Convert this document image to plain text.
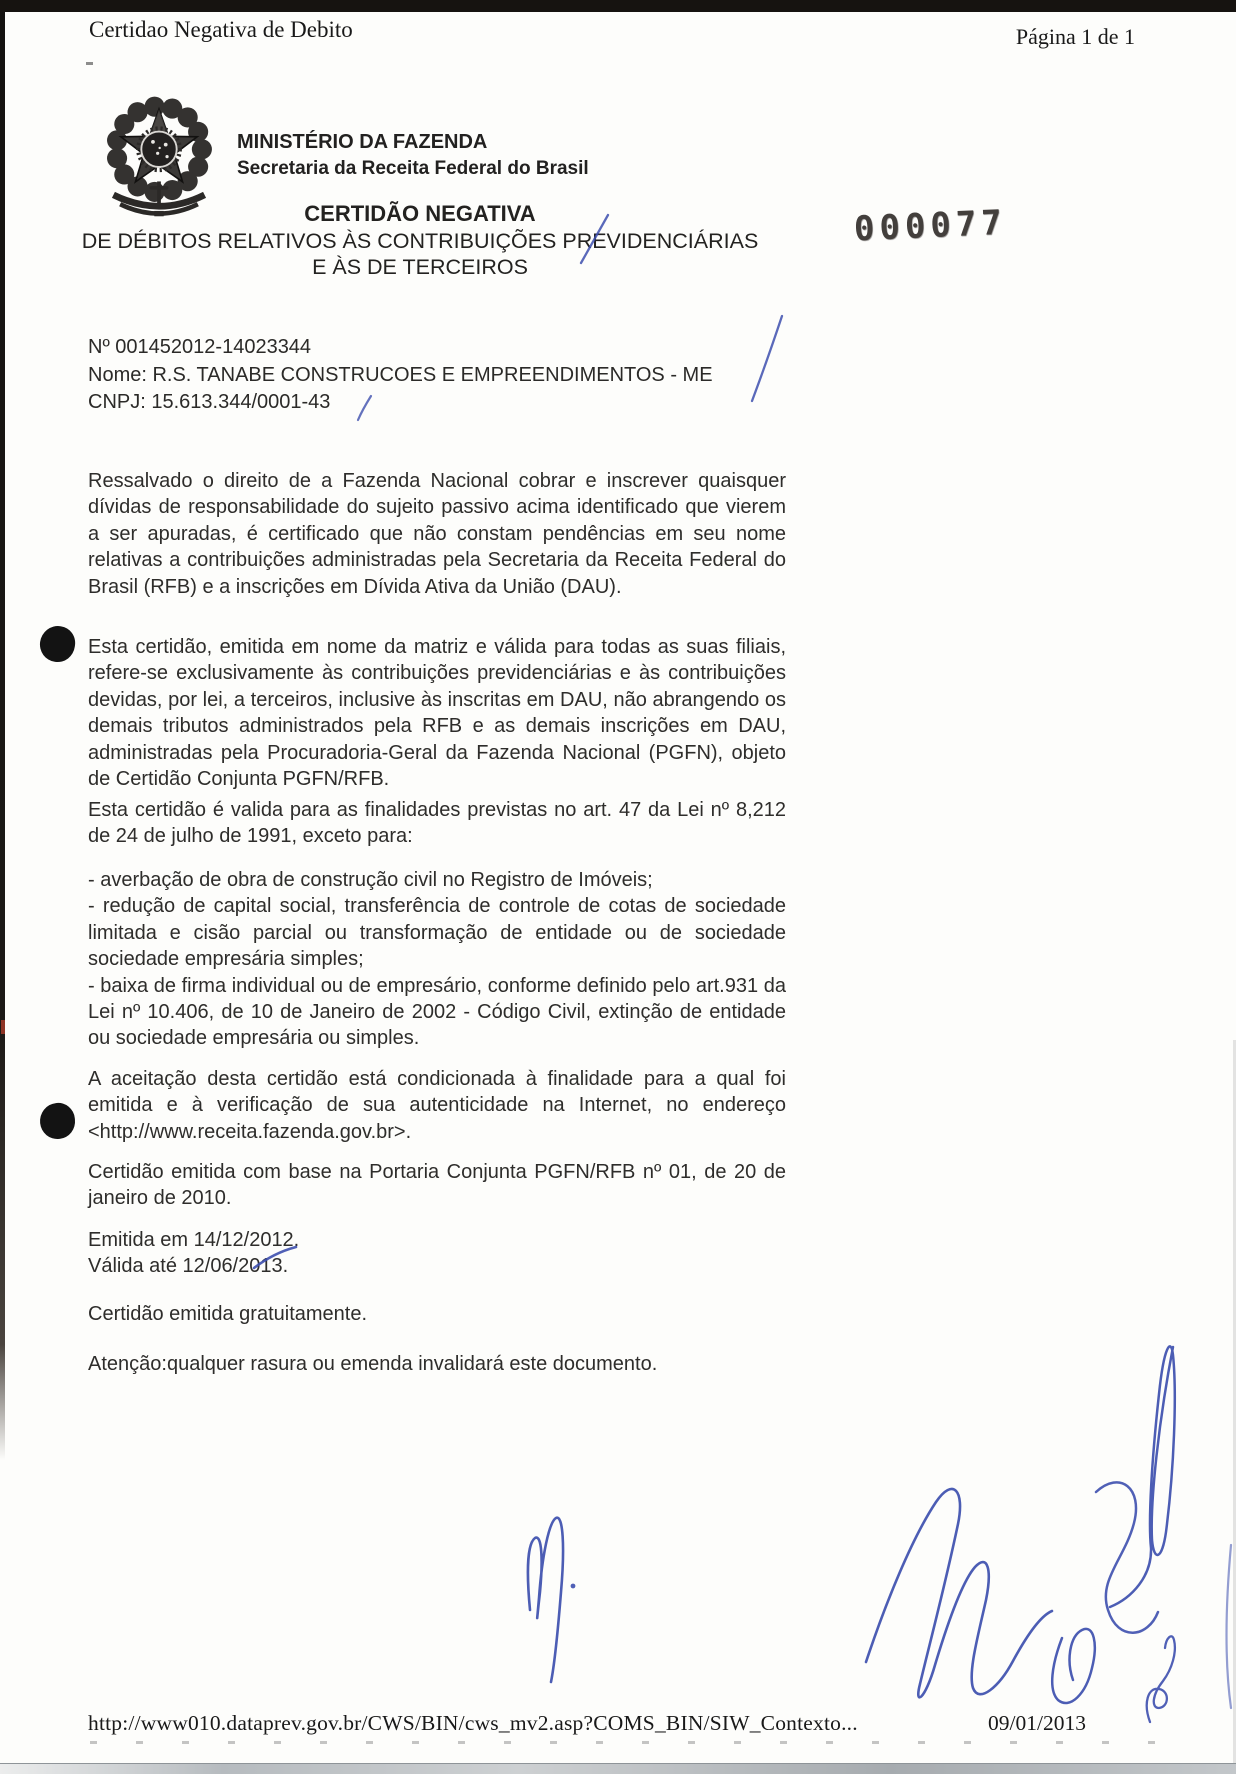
Certidao Negativa de Debito	Página 1 de 1
MINISTÉRIO DA FAZENDA
Secretaria da Receita Federal do Brasil
000077
CERTIDÃO NEGATIVA
DE DÉBITOS RELATIVOS ÀS CONTRIBUIÇÕES PREVIDENCIÁRIAS
E ÀS DE TERCEIROS
Nº 001452012-14023344
Nome: R.S. TANABE CONSTRUCOES E EMPREENDIMENTOS - ME
CNPJ: 15.613.344/0001-43
Ressalvado o direito de a Fazenda Nacional cobrar e inscrever quaisquer dívidas de responsabilidade do sujeito passivo acima identificado que vierem a ser apuradas, é certificado que não constam pendências em seu nome relativas a contribuições administradas pela Secretaria da Receita Federal do Brasil (RFB) e a inscrições em Dívida Ativa da União (DAU).
Esta certidão, emitida em nome da matriz e válida para todas as suas filiais, refere-se exclusivamente às contribuições previdenciárias e às contribuições devidas, por lei, a terceiros, inclusive às inscritas em DAU, não abrangendo os demais tributos administrados pela RFB e as demais inscrições em DAU, administradas pela Procuradoria-Geral da Fazenda Nacional (PGFN), objeto de Certidão Conjunta PGFN/RFB.
Esta certidão é valida para as finalidades previstas no art. 47 da Lei nº 8,212 de 24 de julho de 1991, exceto para:
- averbação de obra de construção civil no Registro de Imóveis;
- redução de capital social, transferência de controle de cotas de sociedade limitada e cisão parcial ou transformação de entidade ou de sociedade sociedade empresária simples;
- baixa de firma individual ou de empresário, conforme definido pelo art.931 da Lei nº 10.406, de 10 de Janeiro de 2002 - Código Civil, extinção de entidade ou sociedade empresária ou simples.
A aceitação desta certidão está condicionada à finalidade para a qual foi emitida e à verificação de sua autenticidade na Internet, no endereço <http://www.receita.fazenda.gov.br>.
Certidão emitida com base na Portaria Conjunta PGFN/RFB nº 01, de 20 de janeiro de 2010.
Emitida em 14/12/2012.
Válida até 12/06/2013.
Certidão emitida gratuitamente.
Atenção:qualquer rasura ou emenda invalidará este documento.
http://www010.dataprev.gov.br/CWS/BIN/cws_mv2.asp?COMS_BIN/SIW_Contexto...	09/01/2013
